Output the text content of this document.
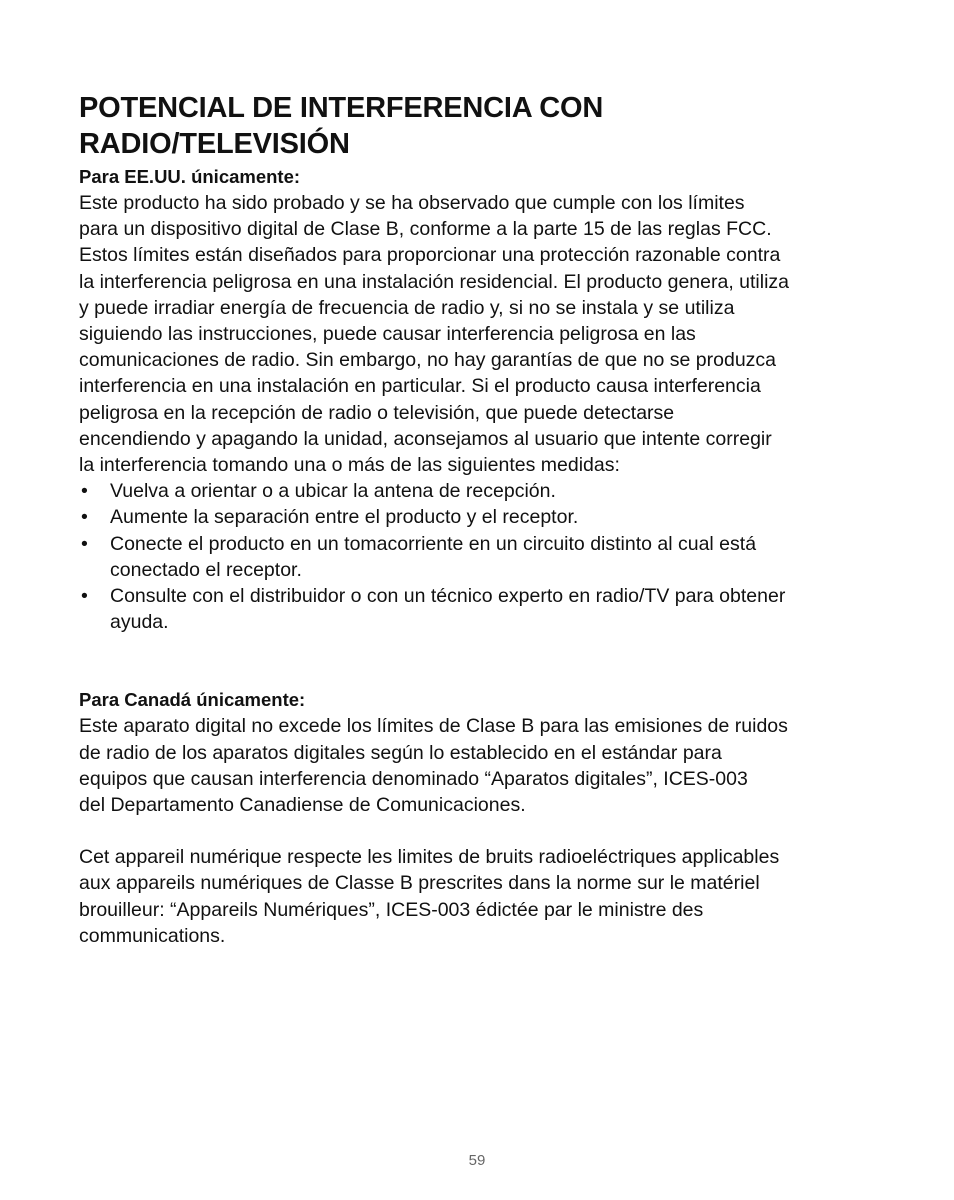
POTENCIAL DE INTERFERENCIA CON
RADIO/TELEVISIÓN

Para EE.UU. únicamente:

Este producto ha sido probado y se ha observado que cumple con los límites
para un dispositivo digital de Clase B, conforme a la parte 15 de las reglas FCC.
Estos límites están diseñados para proporcionar una protección razonable contra
la interferencia peligrosa en una instalación residencial. El producto genera, utiliza
y puede irradiar energía de frecuencia de radio y, si no se instala y se utiliza
siguiendo las instrucciones, puede causar interferencia peligrosa en las
comunicaciones de radio. Sin embargo, no hay garantías de que no se produzca
interferencia en una instalación en particular. Si el producto causa interferencia
peligrosa en la recepción de radio o televisión, que puede detectarse
encendiendo y apagando la unidad, aconsejamos al usuario que intente corregir
la interferencia tomando una o más de las siguientes medidas:

• Vuelva a orientar o a ubicar la antena de recepción.
• Aumente la separación entre el producto y el receptor.
• Conecte el producto en un tomacorriente en un circuito distinto al cual está
conectado el receptor.
• Consulte con el distribuidor o con un técnico experto en radio/TV para obtener
ayuda.

Para Canadá únicamente:

Este aparato digital no excede los límites de Clase B para las emisiones de ruidos
de radio de los aparatos digitales según lo establecido en el estándar para
equipos que causan interferencia denominado “Aparatos digitales”, ICES-003
del Departamento Canadiense de Comunicaciones.

Cet appareil numérique respecte les limites de bruits radioeléctriques applicables
aux appareils numériques de Classe B prescrites dans la norme sur le matériel
brouilleur: “Appareils Numériques”, ICES-003 édictée par le ministre des
communications.

59
